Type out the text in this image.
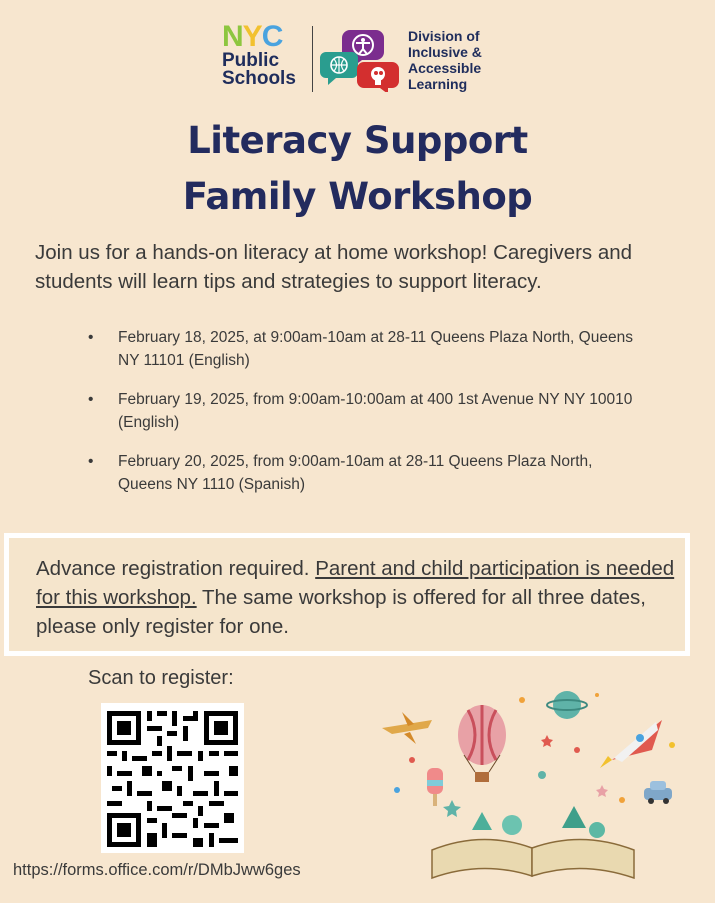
NYC
Public
Schools
Division of
Inclusive &
Accessible
Learning
Literacy Support
Family Workshop
Join us for a hands-on literacy at home workshop! Caregivers and students will learn tips and strategies to support literacy.
• February 18, 2025, at 9:00am-10am at 28-11 Queens Plaza North, Queens NY 11101 (English)
• February 19, 2025, from 9:00am-10:00am at 400 1st Avenue NY NY 10010 (English)
• February 20, 2025, from 9:00am-10am at 28-11 Queens Plaza North, Queens NY 1110 (Spanish)

Advance registration required. Parent and child participation is needed for this workshop. The same workshop is offered for all three dates, please only register for one.

Scan to register:
https://forms.office.com/r/DMbJww6ges
